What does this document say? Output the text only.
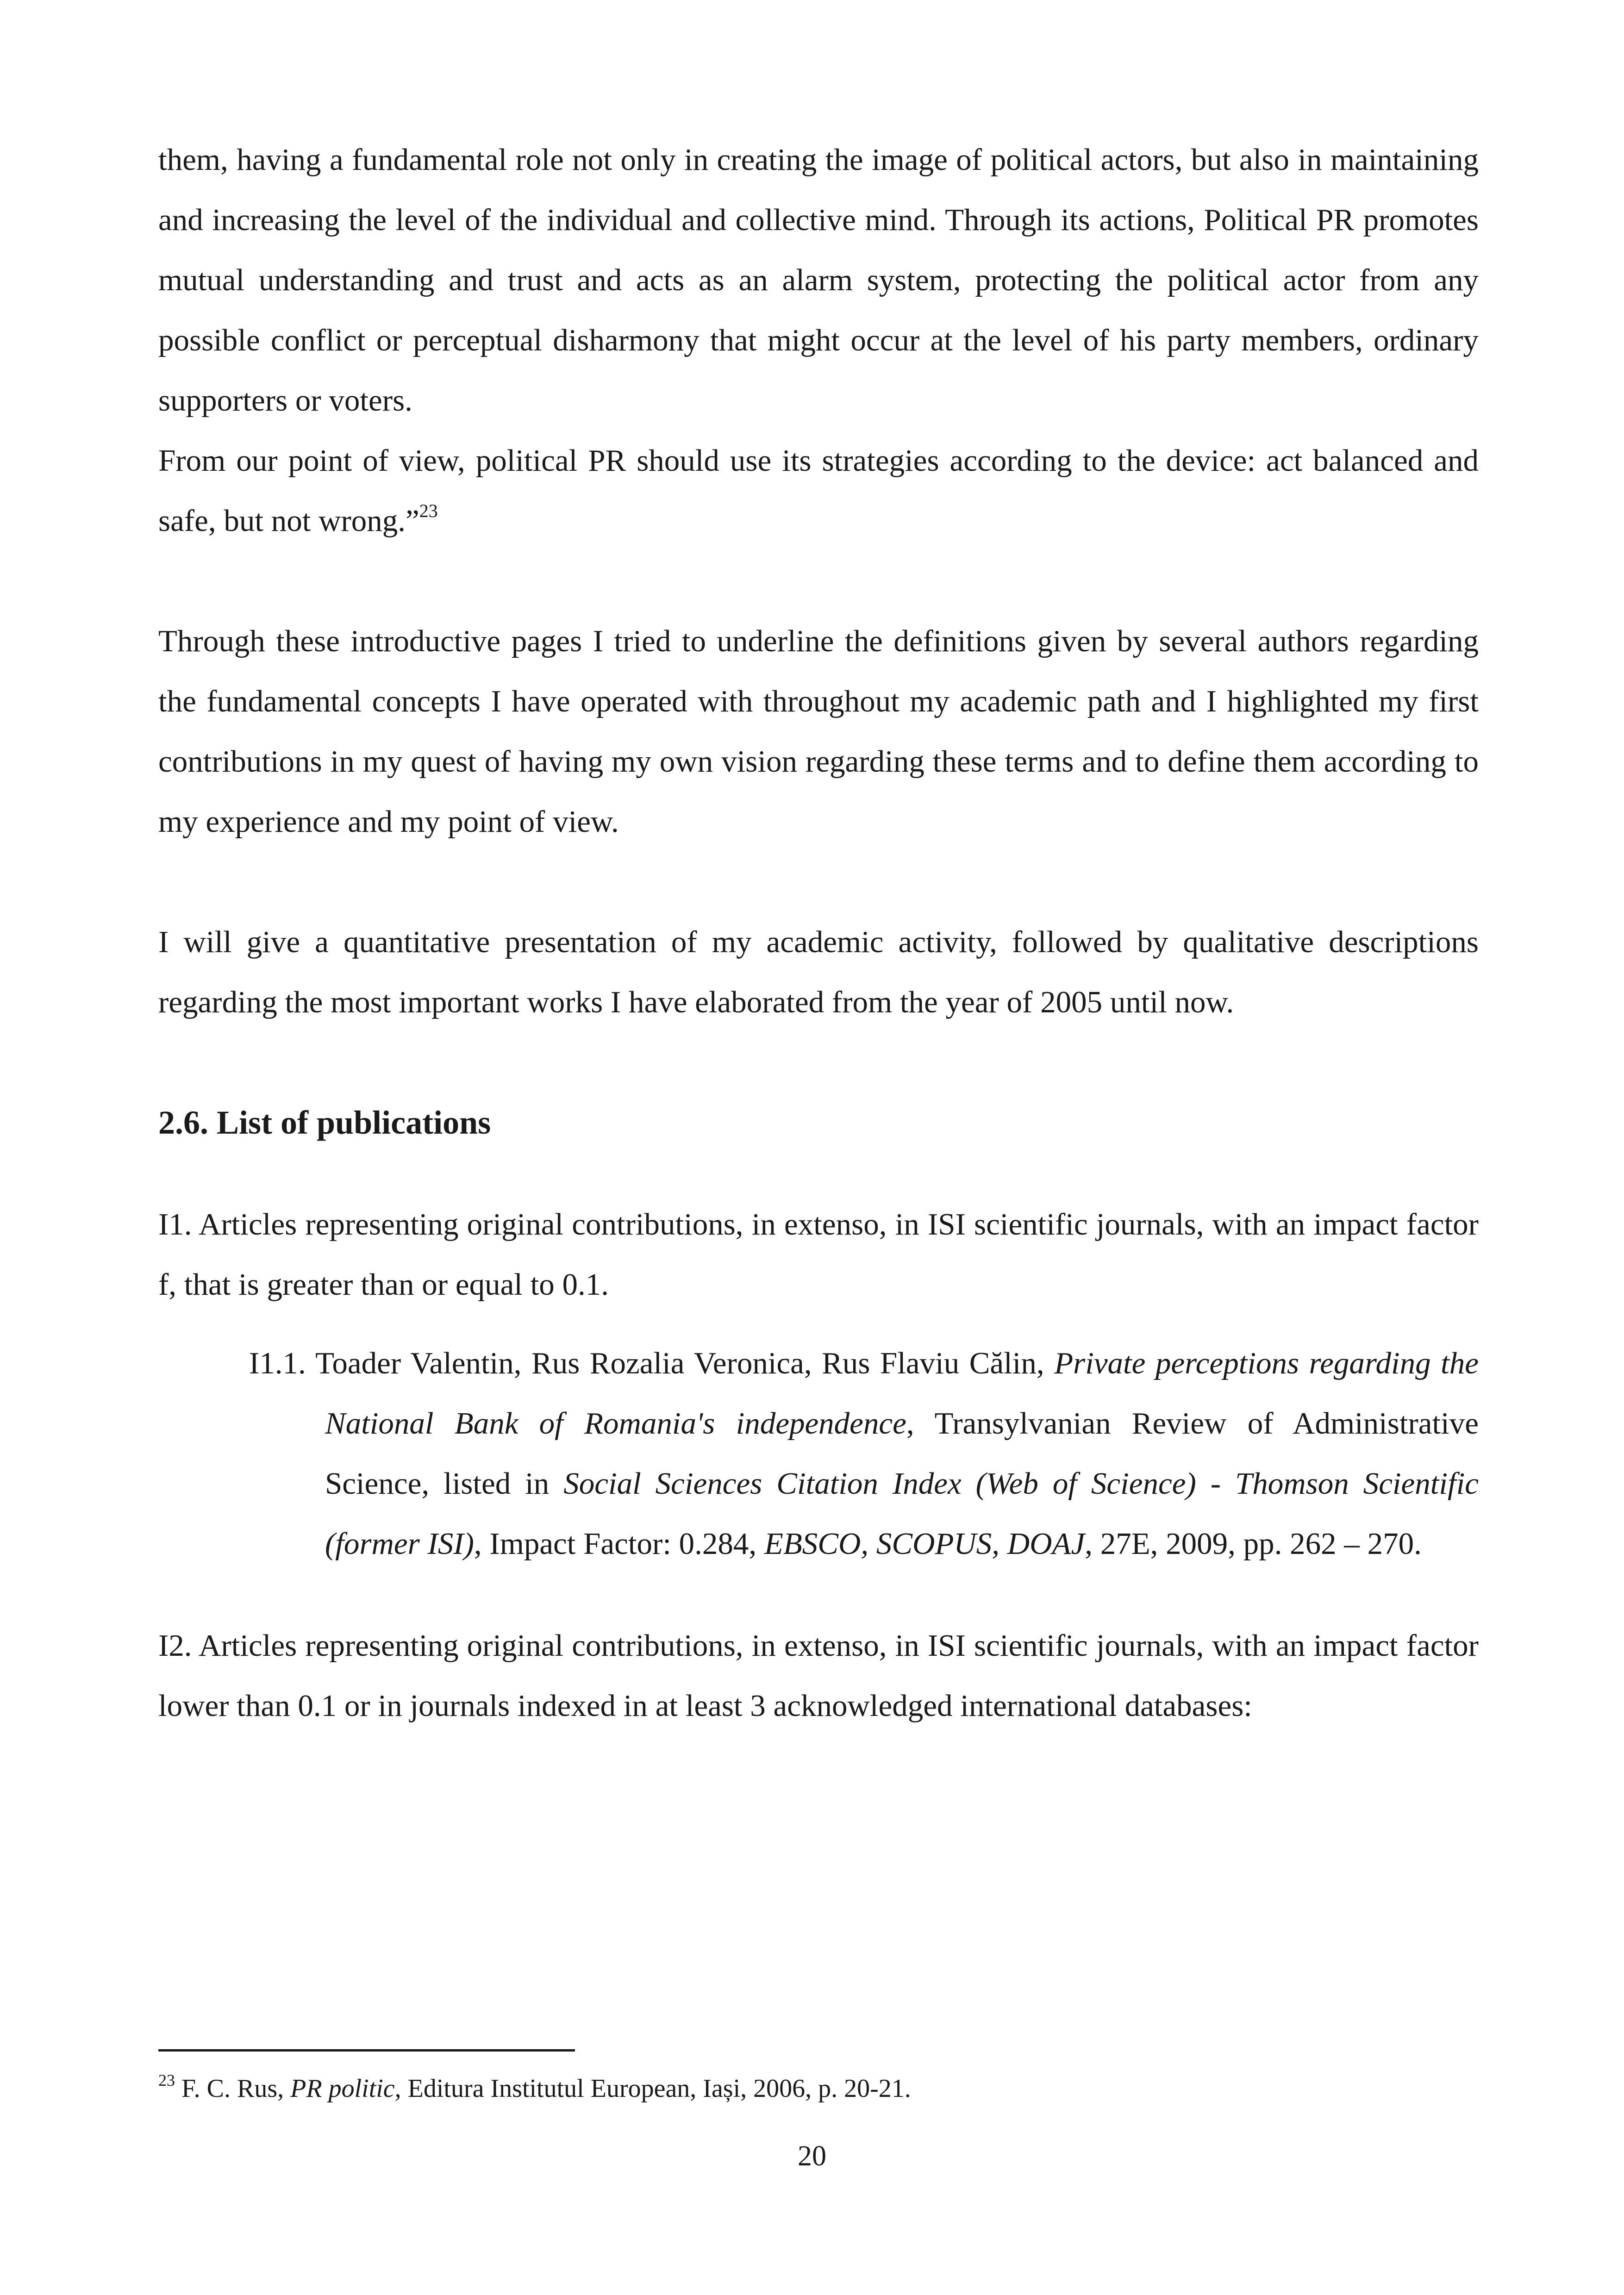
them, having a fundamental role not only in creating the image of political actors, but also in maintaining and increasing the level of the individual and collective mind. Through its actions, Political PR promotes mutual understanding and trust and acts as an alarm system, protecting the political actor from any possible conflict or perceptual disharmony that might occur at the level of his party members, ordinary supporters or voters.

From our point of view, political PR should use its strategies according to the device: act balanced and safe, but not wrong.”$^{23}$

Through these introductive pages I tried to underline the definitions given by several authors regarding the fundamental concepts I have operated with throughout my academic path and I highlighted my first contributions in my quest of having my own vision regarding these terms and to define them according to my experience and my point of view.

I will give a quantitative presentation of my academic activity, followed by qualitative descriptions regarding the most important works I have elaborated from the year of 2005 until now.

2.6. List of publications

I1. Articles representing original contributions, in extenso, in ISI scientific journals, with an impact factor f, that is greater than or equal to 0.1.

I1.1. Toader Valentin, Rus Rozalia Veronica, Rus Flaviu Călin, Private perceptions regarding the National Bank of Romania's independence, Transylvanian Review of Administrative Science, listed in Social Sciences Citation Index (Web of Science) - Thomson Scientific (former ISI), Impact Factor: 0.284, EBSCO, SCOPUS, DOAJ, 27E, 2009, pp. 262 – 270.

I2. Articles representing original contributions, in extenso, in ISI scientific journals, with an impact factor lower than 0.1 or in journals indexed in at least 3 acknowledged international databases:

$^{23}$ F. C. Rus, PR politic, Editura Institutul European, Iași, 2006, p. 20-21.
20
